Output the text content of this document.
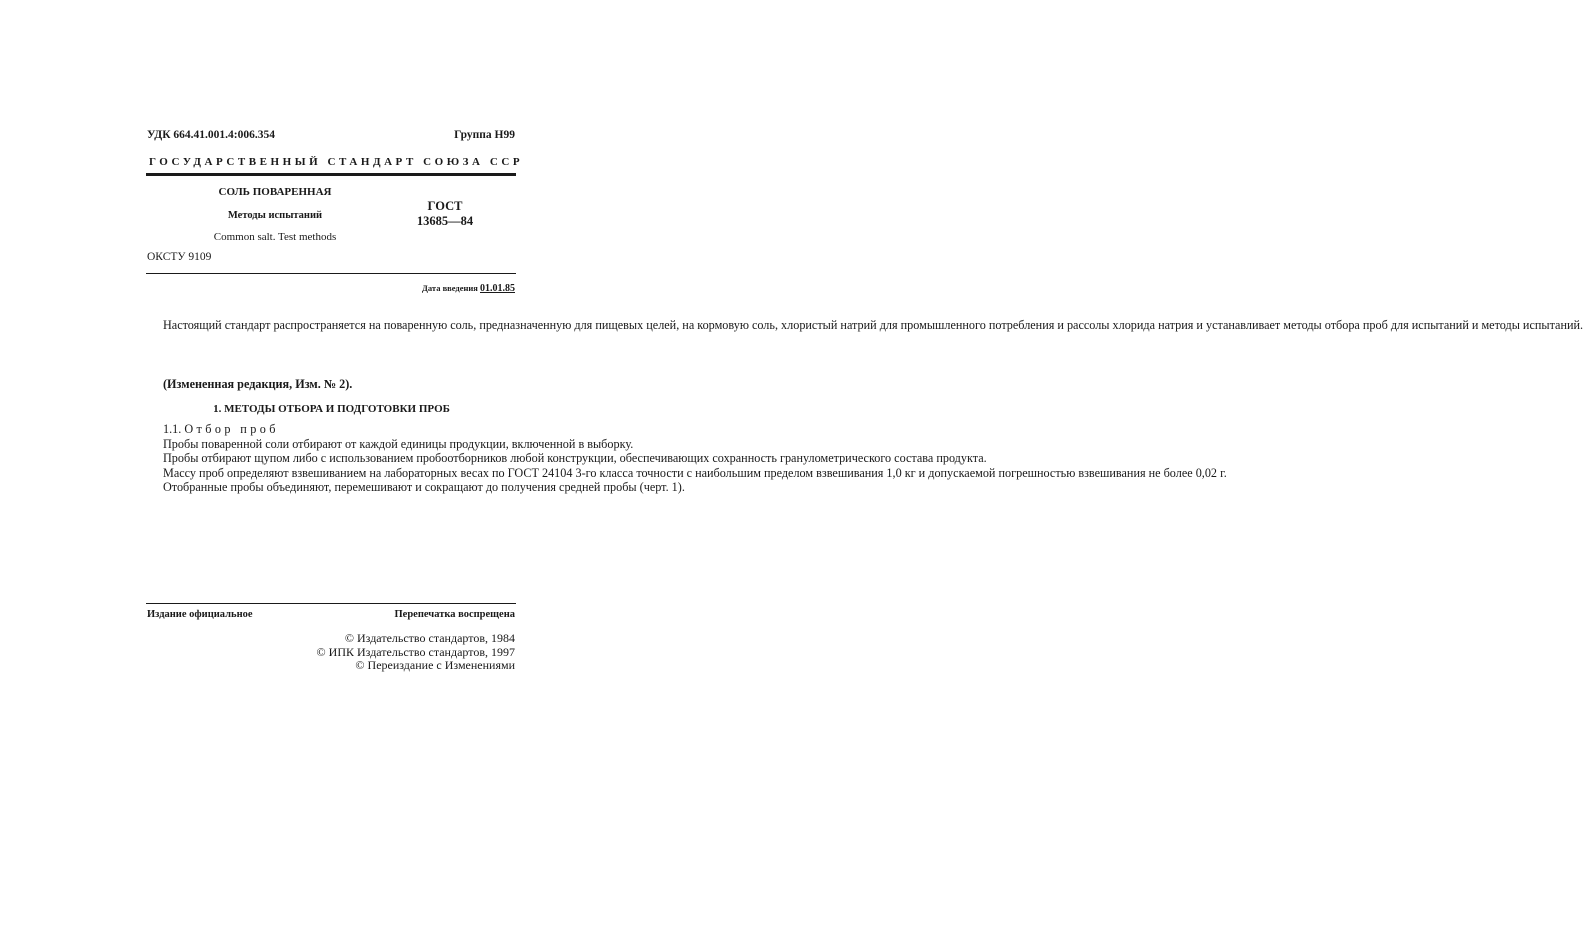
УДК 664.41.001.4:006.354	Группа Н99
ГОСУДАРСТВЕННЫЙ СТАНДАРТ СОЮЗА ССР
СОЛЬ ПОВАРЕННАЯ
Методы испытаний
Common salt. Test methods
ГОСТ
13685—84
ОКСТУ 9109
Дата введения 01.01.85

Настоящий стандарт распространяется на поваренную соль, предназначенную для пищевых целей, на кормовую соль, хлористый натрий для промышленного потребления и рассолы хлорида натрия и устанавливает методы отбора проб для испытаний и методы испытаний.

(Измененная редакция, Изм. № 2).

1. МЕТОДЫ ОТБОРА И ПОДГОТОВКИ ПРОБ

1.1. Отбор проб

Пробы поваренной соли отбирают от каждой единицы продукции, включенной в выборку.

Пробы отбирают щупом либо с использованием пробоотборников любой конструкции, обеспечивающих сохранность гранулометрического состава продукта.

Массу проб определяют взвешиванием на лабораторных весах по ГОСТ 24104 3-го класса точности с наибольшим пределом взвешивания 1,0 кг и допускаемой погрешностью взвешивания не более 0,02 г.

Отобранные пробы объединяют, перемешивают и сокращают до получения средней пробы (черт. 1).

Издание официальное	Перепечатка воспрещена
© Издательство стандартов, 1984
© ИПК Издательство стандартов, 1997
© Переиздание с Изменениями
